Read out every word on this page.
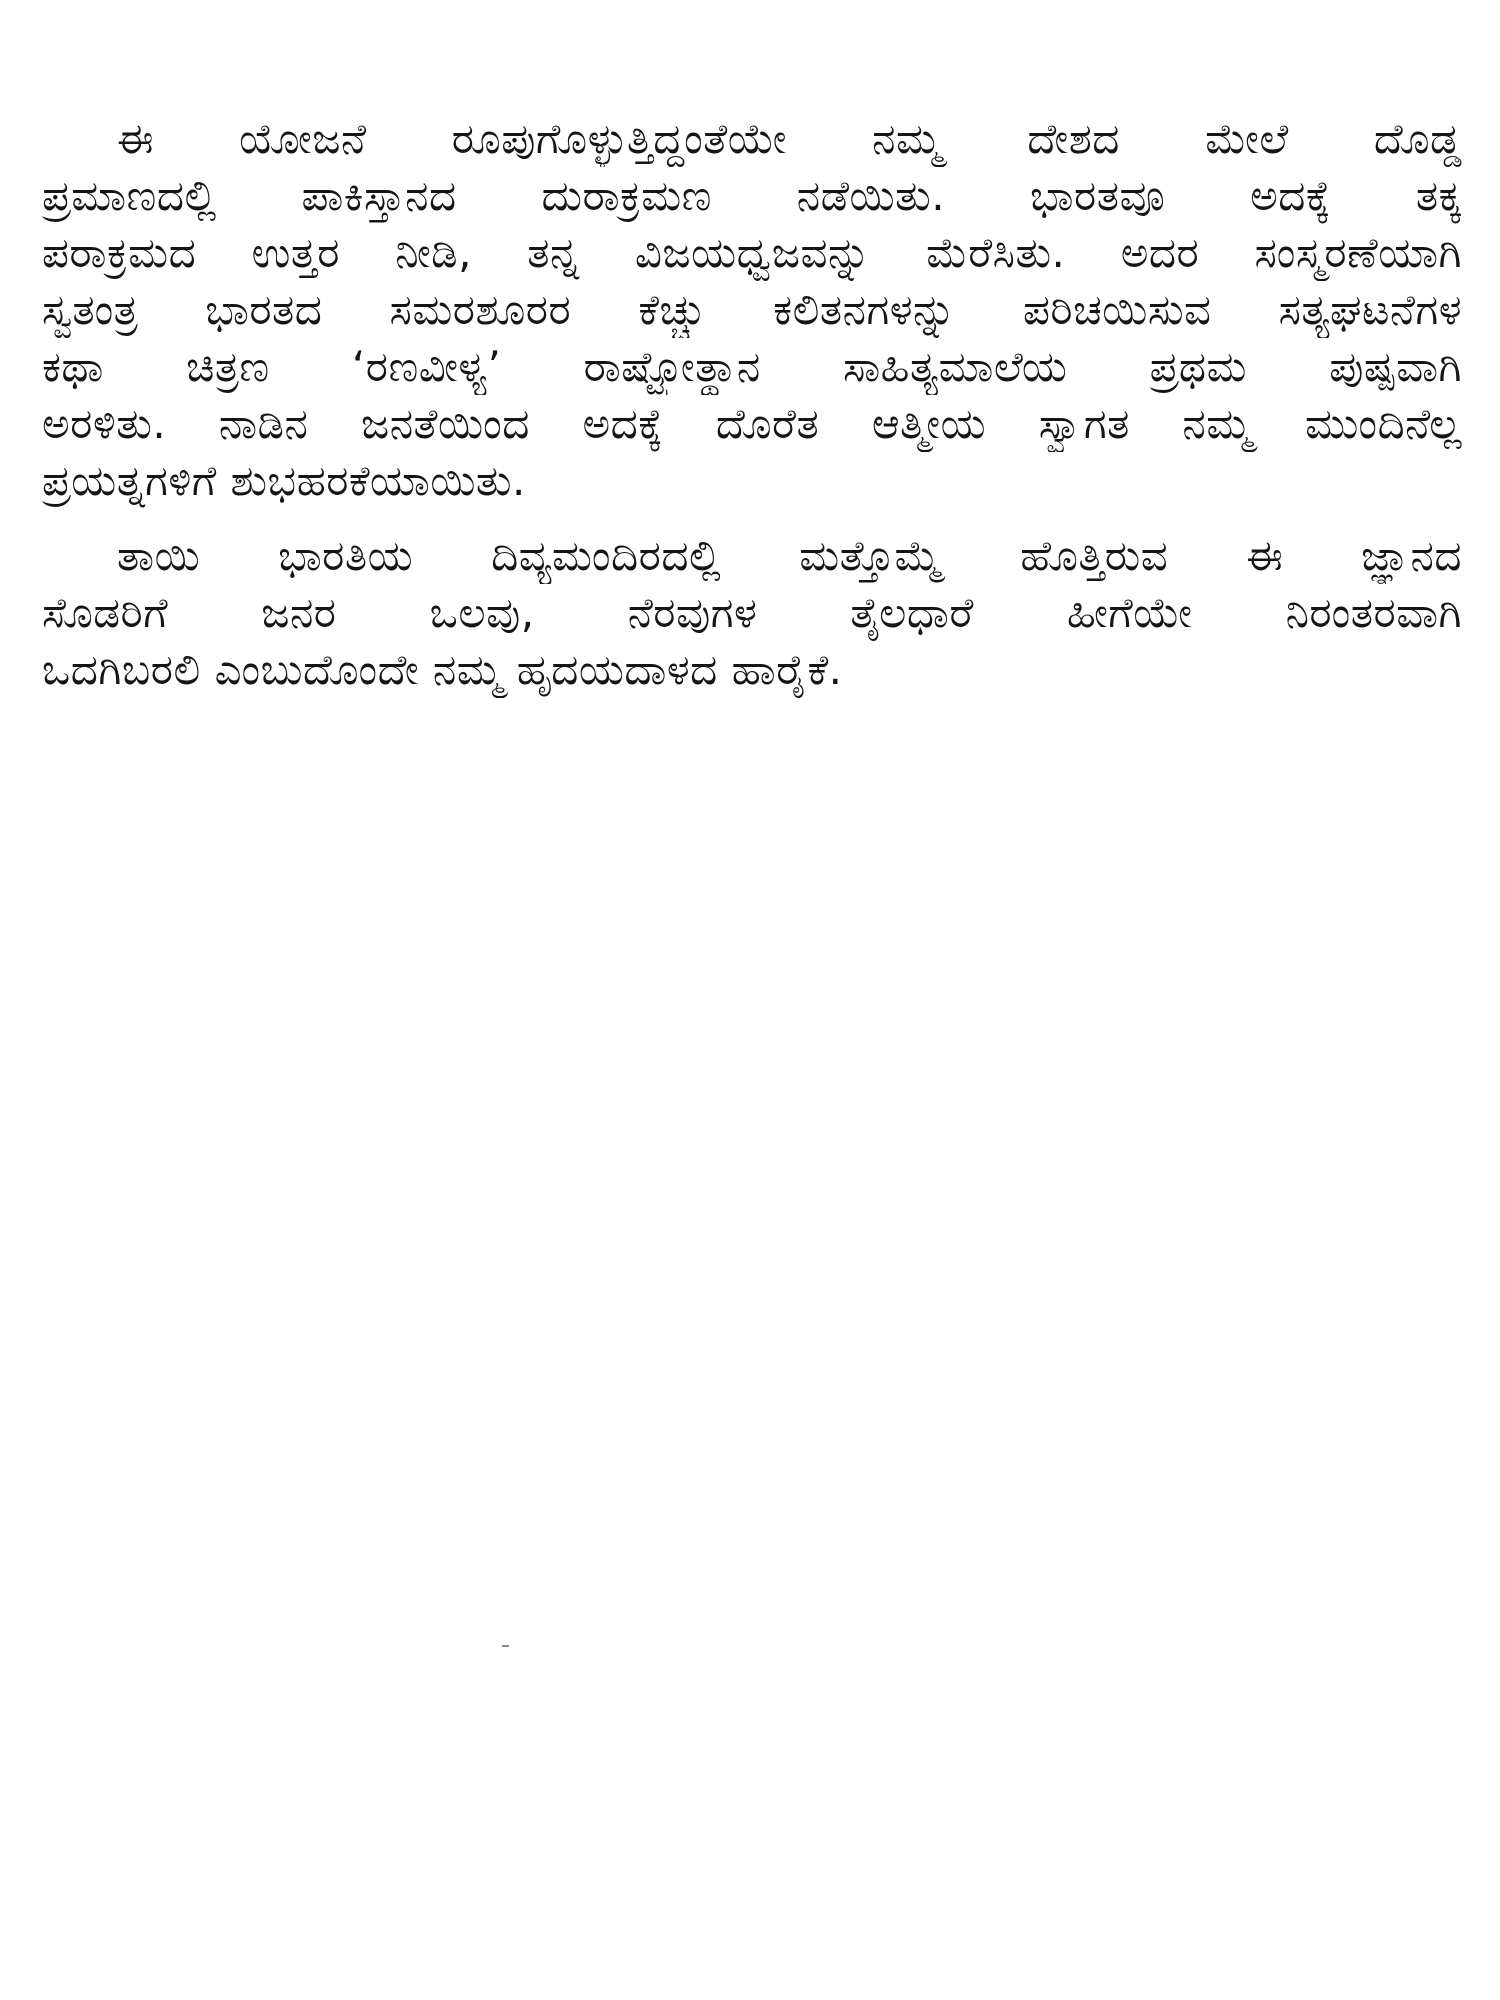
ಈ ಯೋಜನೆ ರೂಪುಗೊಳ್ಳುತ್ತಿದ್ದಂತೆಯೇ ನಮ್ಮ ದೇಶದ ಮೇಲೆ ದೊಡ್ಡ
ಪ್ರಮಾಣದಲ್ಲಿ ಪಾಕಿಸ್ತಾನದ ದುರಾಕ್ರಮಣ ನಡೆಯಿತು. ಭಾರತವೂ ಅದಕ್ಕೆ ತಕ್ಕ
ಪರಾಕ್ರಮದ ಉತ್ತರ ನೀಡಿ, ತನ್ನ ವಿಜಯಧ್ವಜವನ್ನು ಮೆರೆಸಿತು. ಅದರ ಸಂಸ್ಮರಣೆಯಾಗಿ
ಸ್ವತಂತ್ರ ಭಾರತದ ಸಮರಶೂರರ ಕೆಚ್ಚು ಕಲಿತನಗಳನ್ನು ಪರಿಚಯಿಸುವ ಸತ್ಯಘಟನೆಗಳ
ಕಥಾ ಚಿತ್ರಣ ‘ರಣವೀಳ್ಯ’ ರಾಷ್ಟ್ರೋತ್ಥಾನ ಸಾಹಿತ್ಯಮಾಲೆಯ ಪ್ರಥಮ ಪುಷ್ಪವಾಗಿ
ಅರಳಿತು. ನಾಡಿನ ಜನತೆಯಿಂದ ಅದಕ್ಕೆ ದೊರೆತ ಆತ್ಮೀಯ ಸ್ವಾಗತ ನಮ್ಮ ಮುಂದಿನೆಲ್ಲ
ಪ್ರಯತ್ನಗಳಿಗೆ ಶುಭಹರಕೆಯಾಯಿತು.
ತಾಯಿ ಭಾರತಿಯ ದಿವ್ಯಮಂದಿರದಲ್ಲಿ ಮತ್ತೊಮ್ಮೆ ಹೊತ್ತಿರುವ ಈ ಜ್ಞಾನದ
ಸೊಡರಿಗೆ ಜನರ ಒಲವು, ನೆರವುಗಳ ತೈಲಧಾರೆ ಹೀಗೆಯೇ ನಿರಂತರವಾಗಿ
ಒದಗಿಬರಲಿ ಎಂಬುದೊಂದೇ ನಮ್ಮ ಹೃದಯದಾಳದ ಹಾರೈಕೆ.
